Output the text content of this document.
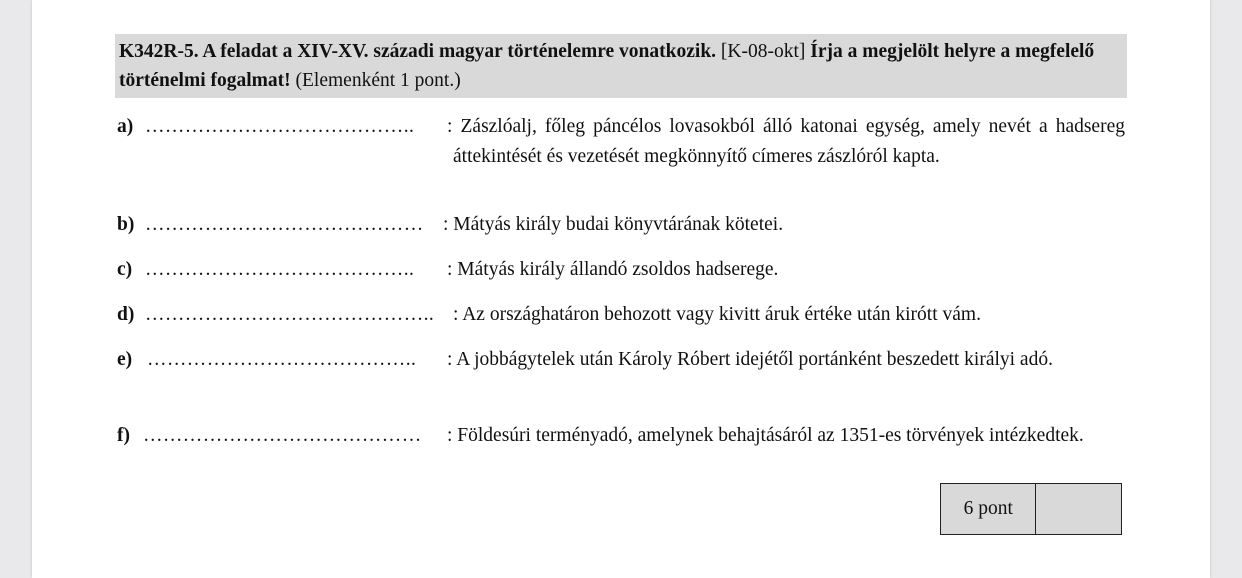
K342R-5. A feladat a XIV-XV. századi magyar történelemre vonatkozik. [K-08-okt] Írja a megjelölt helyre a megfelelő történelmi fogalmat! (Elemenként 1 pont.)
a) ………………………………….. : Zászlóalj, főleg páncélos lovasokból álló katonai egység, amely nevét a hadsereg áttekintését és vezetését megkönnyítő címeres zászlóról kapta.
b) …………………………………… : Mátyás király budai könyvtárának kötetei.
c) ………………………………….. : Mátyás király állandó zsoldos hadserege.
d) …………………………………….. : Az országhatáron behozott vagy kivitt áruk értéke után kirótt vám.
e) ………………………………….. : A jobbágytelek után Károly Róbert idejétől portánként beszedett királyi adó.
f) …………………………………… : Földesúri terményadó, amelynek behajtásáról az 1351-es törvények intézkedtek.
6 pont
